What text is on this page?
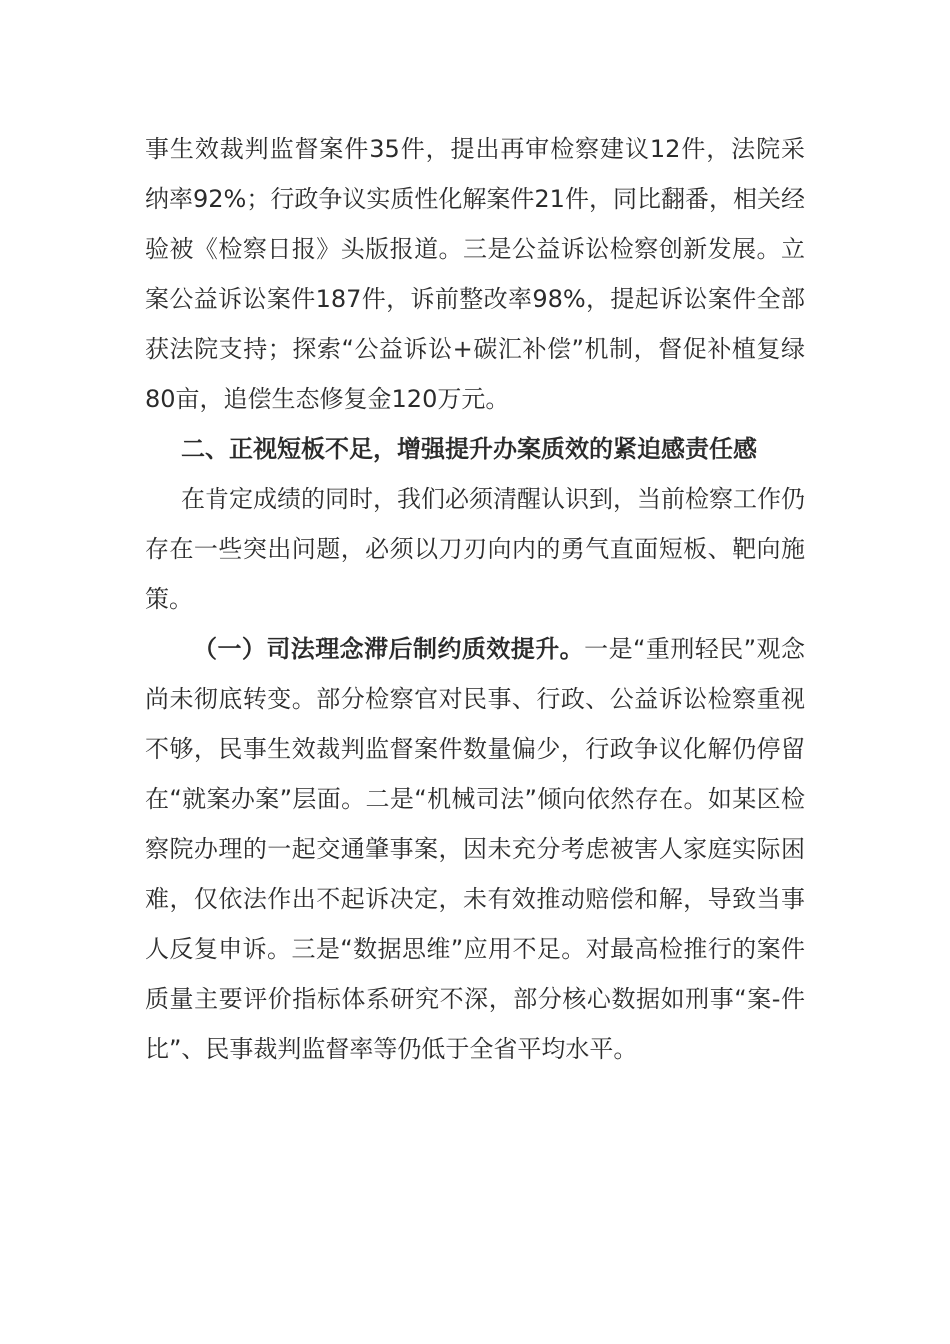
事生效裁判监督案件35件，提出再审检察建议12件，法院采纳率92%；行政争议实质性化解案件21件，同比翻番，相关经验被《检察日报》头版报道。三是公益诉讼检察创新发展。立案公益诉讼案件187件，诉前整改率98%，提起诉讼案件全部获法院支持；探索“公益诉讼+碳汇补偿”机制，督促补植复绿80亩，追偿生态修复金120万元。

二、正视短板不足，增强提升办案质效的紧迫感责任感

在肯定成绩的同时，我们必须清醒认识到，当前检察工作仍存在一些突出问题，必须以刀刃向内的勇气直面短板、靶向施策。

（一）司法理念滞后制约质效提升。一是“重刑轻民”观念尚未彻底转变。部分检察官对民事、行政、公益诉讼检察重视不够，民事生效裁判监督案件数量偏少，行政争议化解仍停留在“就案办案”层面。二是“机械司法”倾向依然存在。如某区检察院办理的一起交通肇事案，因未充分考虑被害人家庭实际困难，仅依法作出不起诉决定，未有效推动赔偿和解，导致当事人反复申诉。三是“数据思维”应用不足。对最高检推行的案件质量主要评价指标体系研究不深，部分核心数据如刑事“案-件比”、民事裁判监督率等仍低于全省平均水平。
